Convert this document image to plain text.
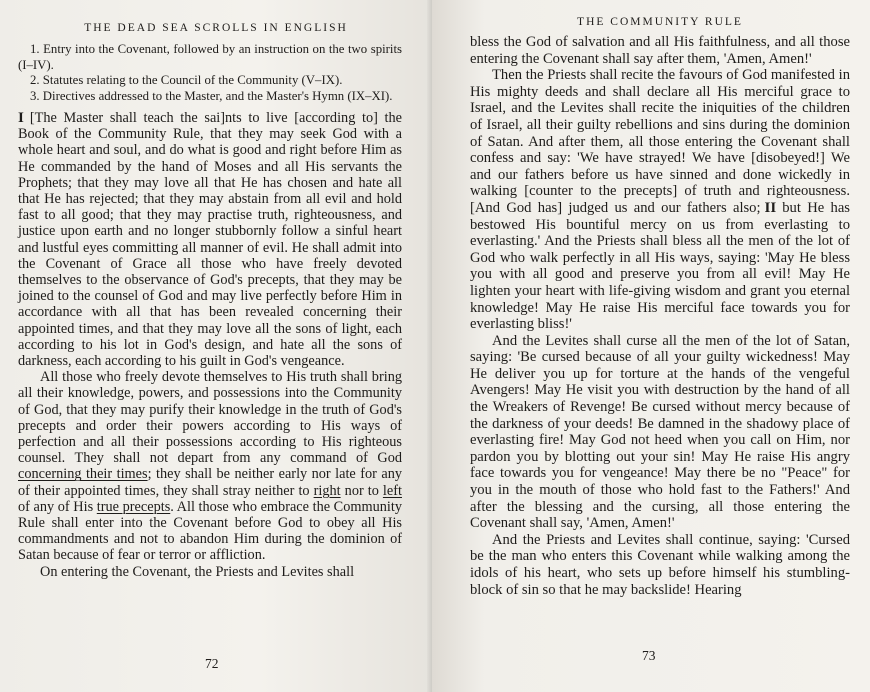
THE DEAD SEA SCROLLS IN ENGLISH

1. Entry into the Covenant, followed by an instruction on the two spirits (I–IV).

2. Statutes relating to the Council of the Community (V–IX).

3. Directives addressed to the Master, and the Master's Hymn (IX–XI).

I [The Master shall teach the sai]nts to live [according to] the Book of the Community Rule, that they may seek God with a whole heart and soul, and do what is good and right before Him as He commanded by the hand of Moses and all His servants the Prophets; that they may love all that He has chosen and hate all that He has rejected; that they may abstain from all evil and hold fast to all good; that they may practise truth, righteousness, and justice upon earth and no longer stubbornly follow a sinful heart and lustful eyes committing all manner of evil. He shall admit into the Covenant of Grace all those who have freely devoted themselves to the observance of God's precepts, that they may be joined to the counsel of God and may live perfectly before Him in accordance with all that has been revealed concerning their appointed times, and that they may love all the sons of light, each according to his lot in God's design, and hate all the sons of darkness, each according to his guilt in God's vengeance.

All those who freely devote themselves to His truth shall bring all their knowledge, powers, and possessions into the Community of God, that they may purify their knowledge in the truth of God's precepts and order their powers according to His ways of perfection and all their possessions according to His righteous counsel. They shall not depart from any command of God concerning their times; they shall be neither early nor late for any of their appointed times, they shall stray neither to right nor to left of any of His true precepts. All those who embrace the Community Rule shall enter into the Covenant before God to obey all His commandments and not to abandon Him during the dominion of Satan because of fear or terror or affliction.

On entering the Covenant, the Priests and Levites shall

72
THE COMMUNITY RULE

bless the God of salvation and all His faithfulness, and all those entering the Covenant shall say after them, 'Amen, Amen!'

Then the Priests shall recite the favours of God manifested in His mighty deeds and shall declare all His merciful grace to Israel, and the Levites shall recite the iniquities of the children of Israel, all their guilty rebellions and sins during the dominion of Satan. And after them, all those entering the Covenant shall confess and say: 'We have strayed! We have [disobeyed!] We and our fathers before us have sinned and done wickedly in walking [counter to the precepts] of truth and righteousness. [And God has] judged us and our fathers also; II but He has bestowed His bountiful mercy on us from everlasting to everlasting.' And the Priests shall bless all the men of the lot of God who walk perfectly in all His ways, saying: 'May He bless you with all good and preserve you from all evil! May He lighten your heart with life-giving wisdom and grant you eternal knowledge! May He raise His merciful face towards you for everlasting bliss!'

And the Levites shall curse all the men of the lot of Satan, saying: 'Be cursed because of all your guilty wickedness! May He deliver you up for torture at the hands of the vengeful Avengers! May He visit you with destruction by the hand of all the Wreakers of Revenge! Be cursed without mercy because of the darkness of your deeds! Be damned in the shadowy place of everlasting fire! May God not heed when you call on Him, nor pardon you by blotting out your sin! May He raise His angry face towards you for vengeance! May there be no "Peace" for you in the mouth of those who hold fast to the Fathers!' And after the blessing and the cursing, all those entering the Covenant shall say, 'Amen, Amen!'

And the Priests and Levites shall continue, saying: 'Cursed be the man who enters this Covenant while walking among the idols of his heart, who sets up before himself his stumbling-block of sin so that he may backslide! Hearing

73
